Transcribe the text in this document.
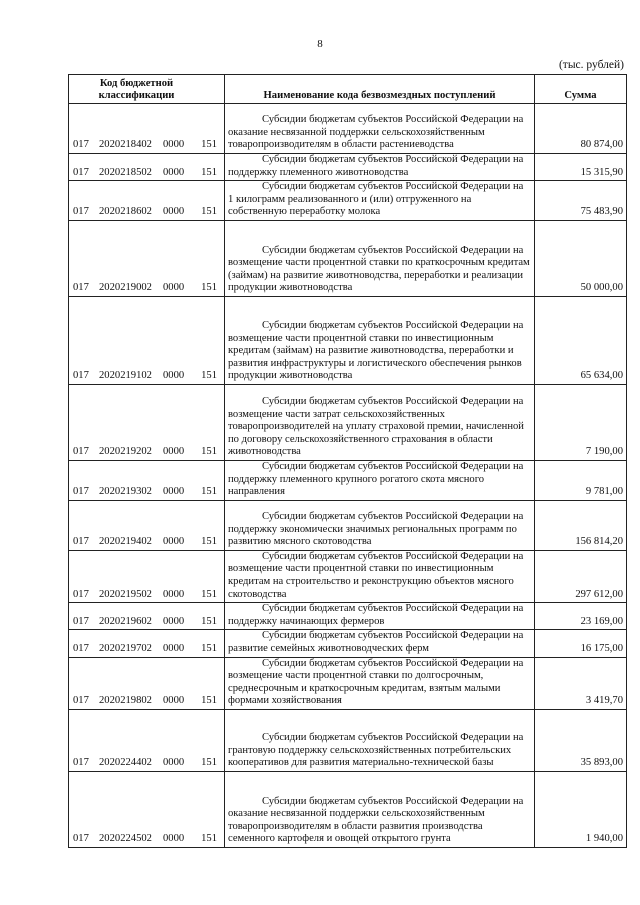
8
(тыс. рублей)
Код бюджетной
классификации	Наименование кода безвозмездных поступлений	Сумма
017 2020218402 0000 151	Субсидии бюджетам субъектов Российской Федерации на оказание несвязанной поддержки сельскохозяйственным товаропроизводителям в области растениеводства	80 874,00
017 2020218502 0000 151	Субсидии бюджетам субъектов Российской Федерации на поддержку племенного животноводства	15 315,90
017 2020218602 0000 151	Субсидии бюджетам субъектов Российской Федерации на 1 килограмм реализованного и (или) отгруженного на собственную переработку молока	75 483,90
017 2020219002 0000 151	Субсидии бюджетам субъектов Российской Федерации на возмещение части процентной ставки по краткосрочным кредитам (займам) на развитие животноводства, переработки и реализации продукции животноводства	50 000,00
017 2020219102 0000 151	Субсидии бюджетам субъектов Российской Федерации на возмещение части процентной ставки по инвестиционным кредитам (займам) на развитие животноводства, переработки и развития инфраструктуры и логистического обеспечения рынков продукции животноводства	65 634,00
017 2020219202 0000 151	Субсидии бюджетам субъектов Российской Федерации на возмещение части затрат сельскохозяйственных товаропроизводителей на уплату страховой премии, начисленной по договору сельскохозяйственного страхования в области животноводства	7 190,00
017 2020219302 0000 151	Субсидии бюджетам субъектов Российской Федерации на поддержку племенного крупного рогатого скота мясного направления	9 781,00
017 2020219402 0000 151	Субсидии бюджетам субъектов Российской Федерации на поддержку экономически значимых региональных программ по развитию мясного скотоводства	156 814,20
017 2020219502 0000 151	Субсидии бюджетам субъектов Российской Федерации на возмещение части процентной ставки по инвестиционным кредитам на строительство и реконструкцию объектов мясного скотоводства	297 612,00
017 2020219602 0000 151	Субсидии бюджетам субъектов Российской Федерации на поддержку начинающих фермеров	23 169,00
017 2020219702 0000 151	Субсидии бюджетам субъектов Российской Федерации на развитие семейных животноводческих ферм	16 175,00
017 2020219802 0000 151	Субсидии бюджетам субъектов Российской Федерации на возмещение части процентной ставки по долгосрочным, среднесрочным и краткосрочным кредитам, взятым малыми формами хозяйствования	3 419,70
017 2020224402 0000 151	Субсидии бюджетам субъектов Российской Федерации на грантовую поддержку сельскохозяйственных потребительских кооперативов для развития материально-технической базы	35 893,00
017 2020224502 0000 151	Субсидии бюджетам субъектов Российской Федерации на оказание несвязанной поддержки сельскохозяйственным товаропроизводителям в области развития производства семенного картофеля и овощей открытого грунта	1 940,00
